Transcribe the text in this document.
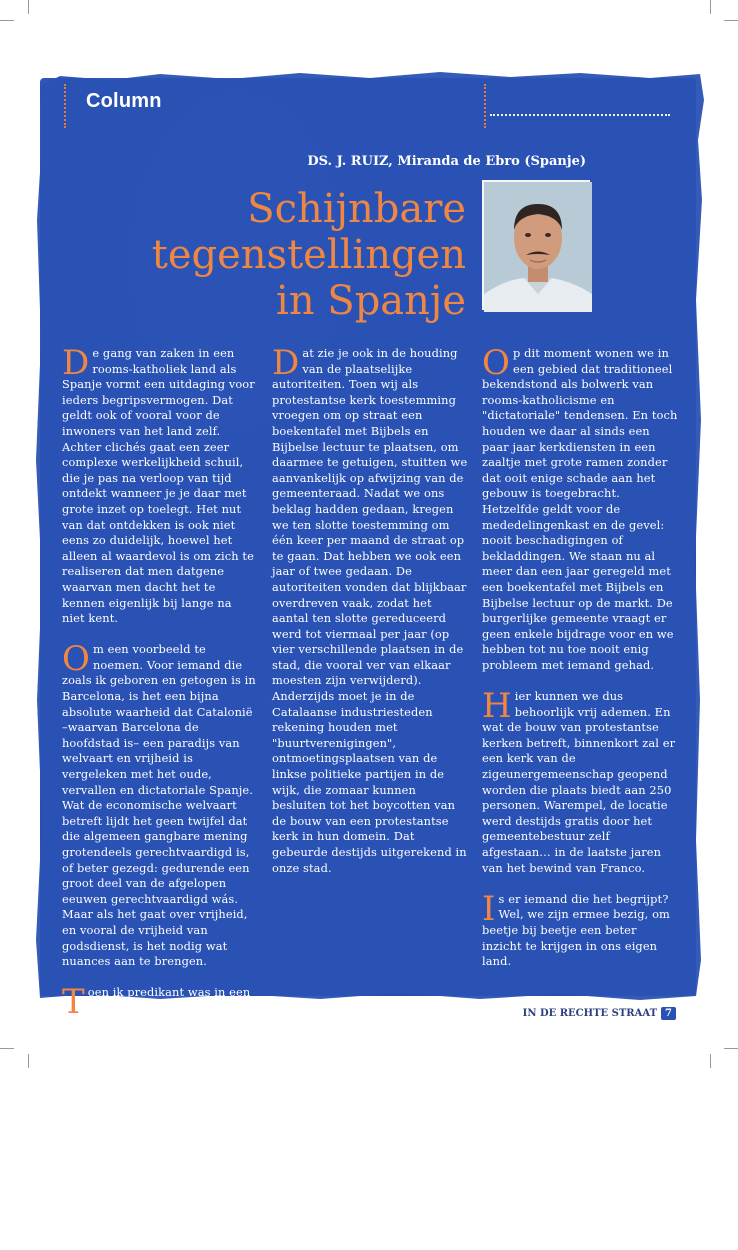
Column
DS. J. RUIZ, Miranda de Ebro (Spanje)
Schijnbare
tegenstellingen
in Spanje

De gang van zaken in een rooms-katholiek land als Spanje vormt een uitdaging voor ieders begripsvermogen. Dat geldt ook of vooral voor de inwoners van het land zelf. Achter clichés gaat een zeer complexe werkelijkheid schuil, die je pas na verloop van tijd ontdekt wanneer je je daar met grote inzet op toelegt. Het nut van dat ontdekken is ook niet eens zo duidelijk, hoewel het alleen al waardevol is om zich te realiseren dat men datgene waarvan men dacht het te kennen eigenlijk bij lange na niet kent.

Om een voorbeeld te noemen. Voor iemand die zoals ik geboren en getogen is in Barcelona, is het een bijna absolute waarheid dat Catalonië –waarvan Barcelona de hoofdstad is– een paradijs van welvaart en vrijheid is vergeleken met het oude, vervallen en dictatoriale Spanje. Wat de economische welvaart betreft lijdt het geen twijfel dat die algemeen gangbare mening grotendeels gerechtvaardigd is, of beter gezegd: gedurende een groot deel van de afgelopen eeuwen gerechtvaardigd wás. Maar als het gaat over vrijheid, en vooral de vrijheid van godsdienst, is het nodig wat nuances aan te brengen.

Toen ik predikant was in een stad in de buurt van Barcelona, mijn geboorteplaats, werden de ruiten van onze kerk tot twee keer toe ingegooid. Ook werd het mededelingenkastje naast de ingang vernield. Je zou kunnen denken dat dit uitingen zijn van vandalisme, zoals je die in iedere grote stad tegenkomt, maar als het erop aankomt gaat het hier om een uiting van een diepgewortelde antichristelijke houding in een vanouds anarchistische en revolutionaire omgeving.

Dat zie je ook in de houding van de plaatselijke autoriteiten. Toen wij als protestantse kerk toestemming vroegen om op straat een boekentafel met Bijbels en Bijbelse lectuur te plaatsen, om daarmee te getuigen, stuitten we aanvankelijk op afwijzing van de gemeenteraad. Nadat we ons beklag hadden gedaan, kregen we ten slotte toestemming om één keer per maand de straat op te gaan. Dat hebben we ook een jaar of twee gedaan. De autoriteiten vonden dat blijkbaar overdreven vaak, zodat het aantal ten slotte gereduceerd werd tot viermaal per jaar (op vier verschillende plaatsen in de stad, die vooral ver van elkaar moesten zijn verwijderd). Anderzijds moet je in de Catalaanse industriesteden rekening houden met "buurtverenigingen", ontmoetingsplaatsen van de linkse politieke partijen in de wijk, die zomaar kunnen besluiten tot het boycotten van de bouw van een protestantse kerk in hun domein. Dat gebeurde destijds uitgerekend in onze stad.

Op dit moment wonen we in een gebied dat traditioneel bekendstond als bolwerk van rooms-katholicisme en "dictatoriale" tendensen. En toch houden we daar al sinds een paar jaar kerkdiensten in een zaaltje met grote ramen zonder dat ooit enige schade aan het gebouw is toegebracht. Hetzelfde geldt voor de mededelingenkast en de gevel: nooit beschadigingen of bekladdingen. We staan nu al meer dan een jaar geregeld met een boekentafel met Bijbels en Bijbelse lectuur op de markt. De burgerlijke gemeente vraagt er geen enkele bijdrage voor en we hebben tot nu toe nooit enig probleem met iemand gehad.

Hier kunnen we dus behoorlijk vrij ademen. En wat de bouw van protestantse kerken betreft, binnenkort zal er een kerk van de zigeunergemeenschap geopend worden die plaats biedt aan 250 personen. Warempel, de locatie werd destijds gratis door het gemeentebestuur zelf afgestaan… in de laatste jaren van het bewind van Franco.

Is er iemand die het begrijpt? Wel, we zijn ermee bezig, om beetje bij beetje een beter inzicht te krijgen in ons eigen land.

IN DE RECHTE STRAAT 7
